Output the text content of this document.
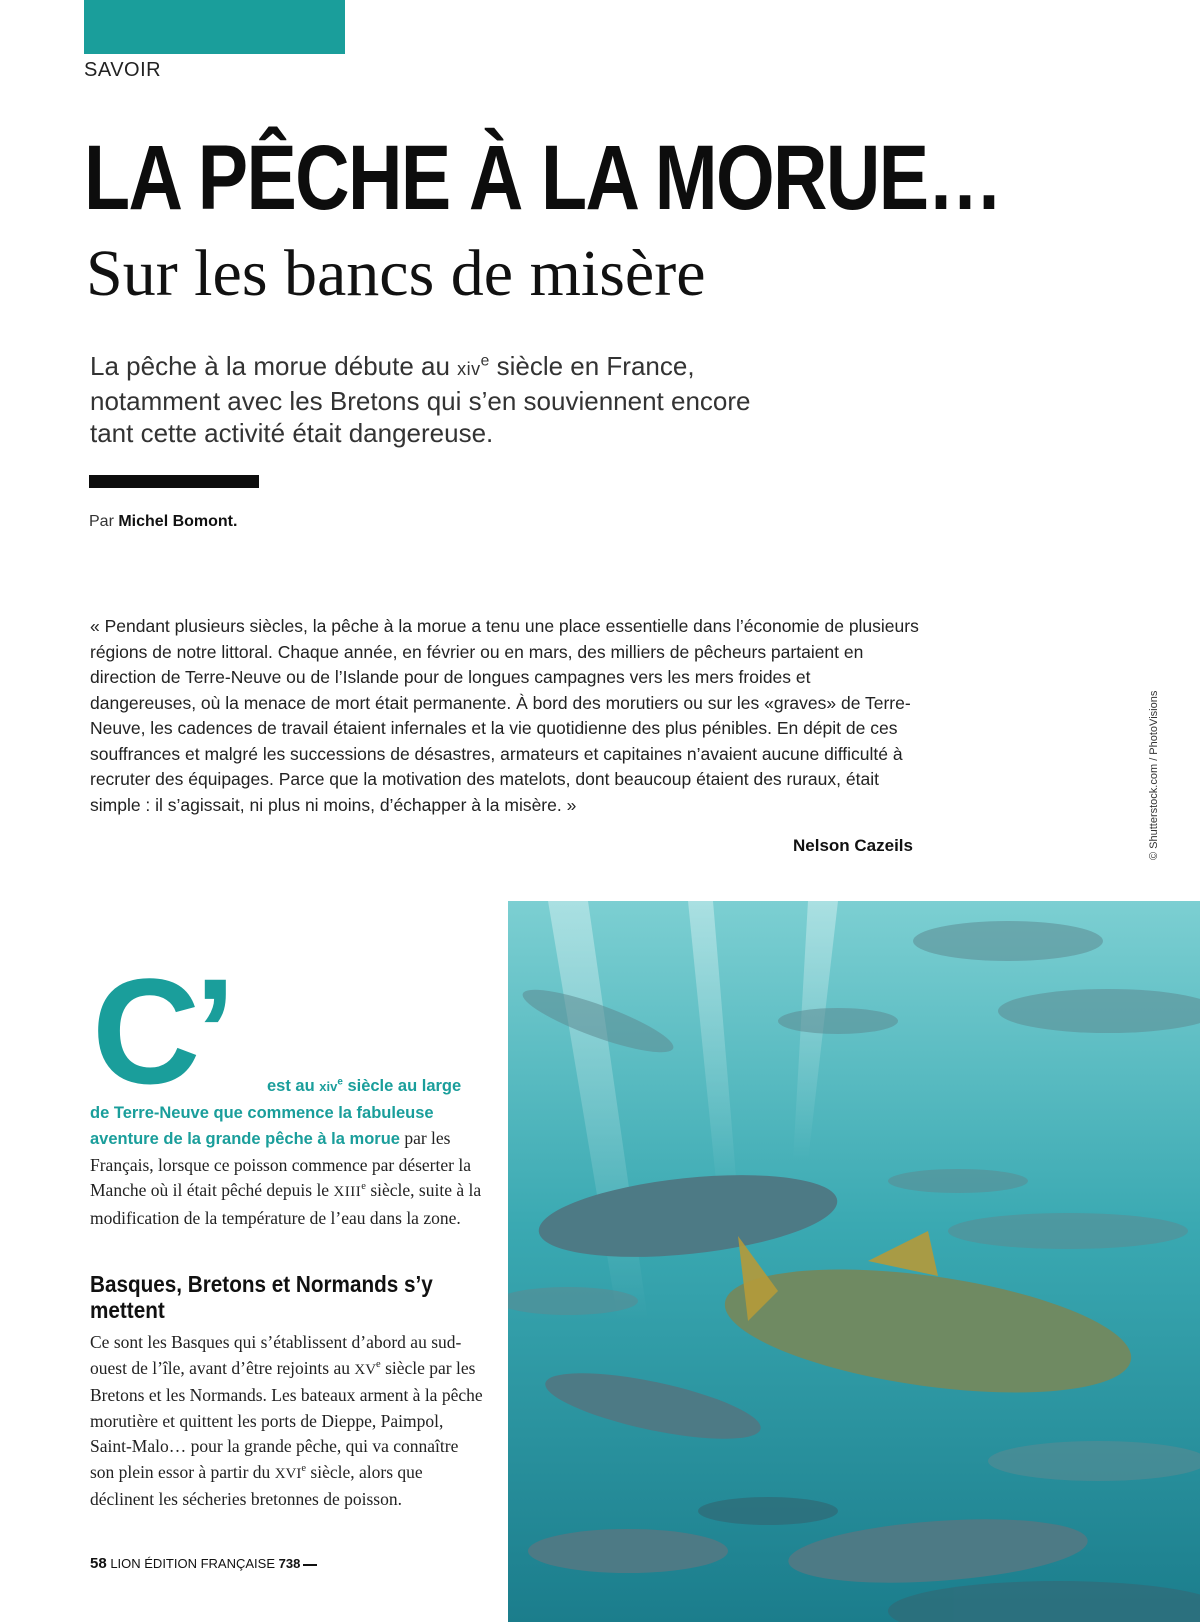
SAVOIR
LA PÊCHE À LA MORUE…
Sur les bancs de misère
La pêche à la morue débute au xiv$^e$ siècle en France, notamment avec les Bretons qui s’en souviennent encore tant cette activité était dangereuse.
Par Michel Bomont.
« Pendant plusieurs siècles, la pêche à la morue a tenu une place essentielle dans l’économie de plusieurs régions de notre littoral. Chaque année, en février ou en mars, des milliers de pêcheurs partaient en direction de Terre-Neuve ou de l’Islande pour de longues campagnes vers les mers froides et dangereuses, où la menace de mort était permanente. À bord des morutiers ou sur les «graves» de Terre-Neuve, les cadences de travail étaient infernales et la vie quotidienne des plus pénibles. En dépit de ces souffrances et malgré les successions de désastres, armateurs et capitaines n’avaient aucune difficulté à recruter des équipages. Parce que la motivation des matelots, dont beaucoup étaient des ruraux, était simple : il s’agissait, ni plus ni moins, d’échapper à la misère. »
Nelson Cazeils	© Shutterstock.com / PhotoVisions
C’	est au xiv$^e$ siècle au large
de Terre-Neuve que commence la fabuleuse aventure de la grande pêche à la morue par les Français, lorsque ce poisson commence par déserter la Manche où il était pêché depuis le XIIIe siècle, suite à la modification de la température de l’eau dans la zone.
Basques, Bretons et Normands s’y mettent
Ce sont les Basques qui s’établissent d’abord au sud-ouest de l’île, avant d’être rejoints au XVe siècle par les Bretons et les Normands. Les bateaux arment à la pêche morutière et quittent les ports de Dieppe, Paimpol, Saint-Malo… pour la grande pêche, qui va connaître son plein essor à partir du XVIe siècle, alors que déclinent les sécheries bretonnes de poisson.
58 LION ÉDITION FRANÇAISE 738
